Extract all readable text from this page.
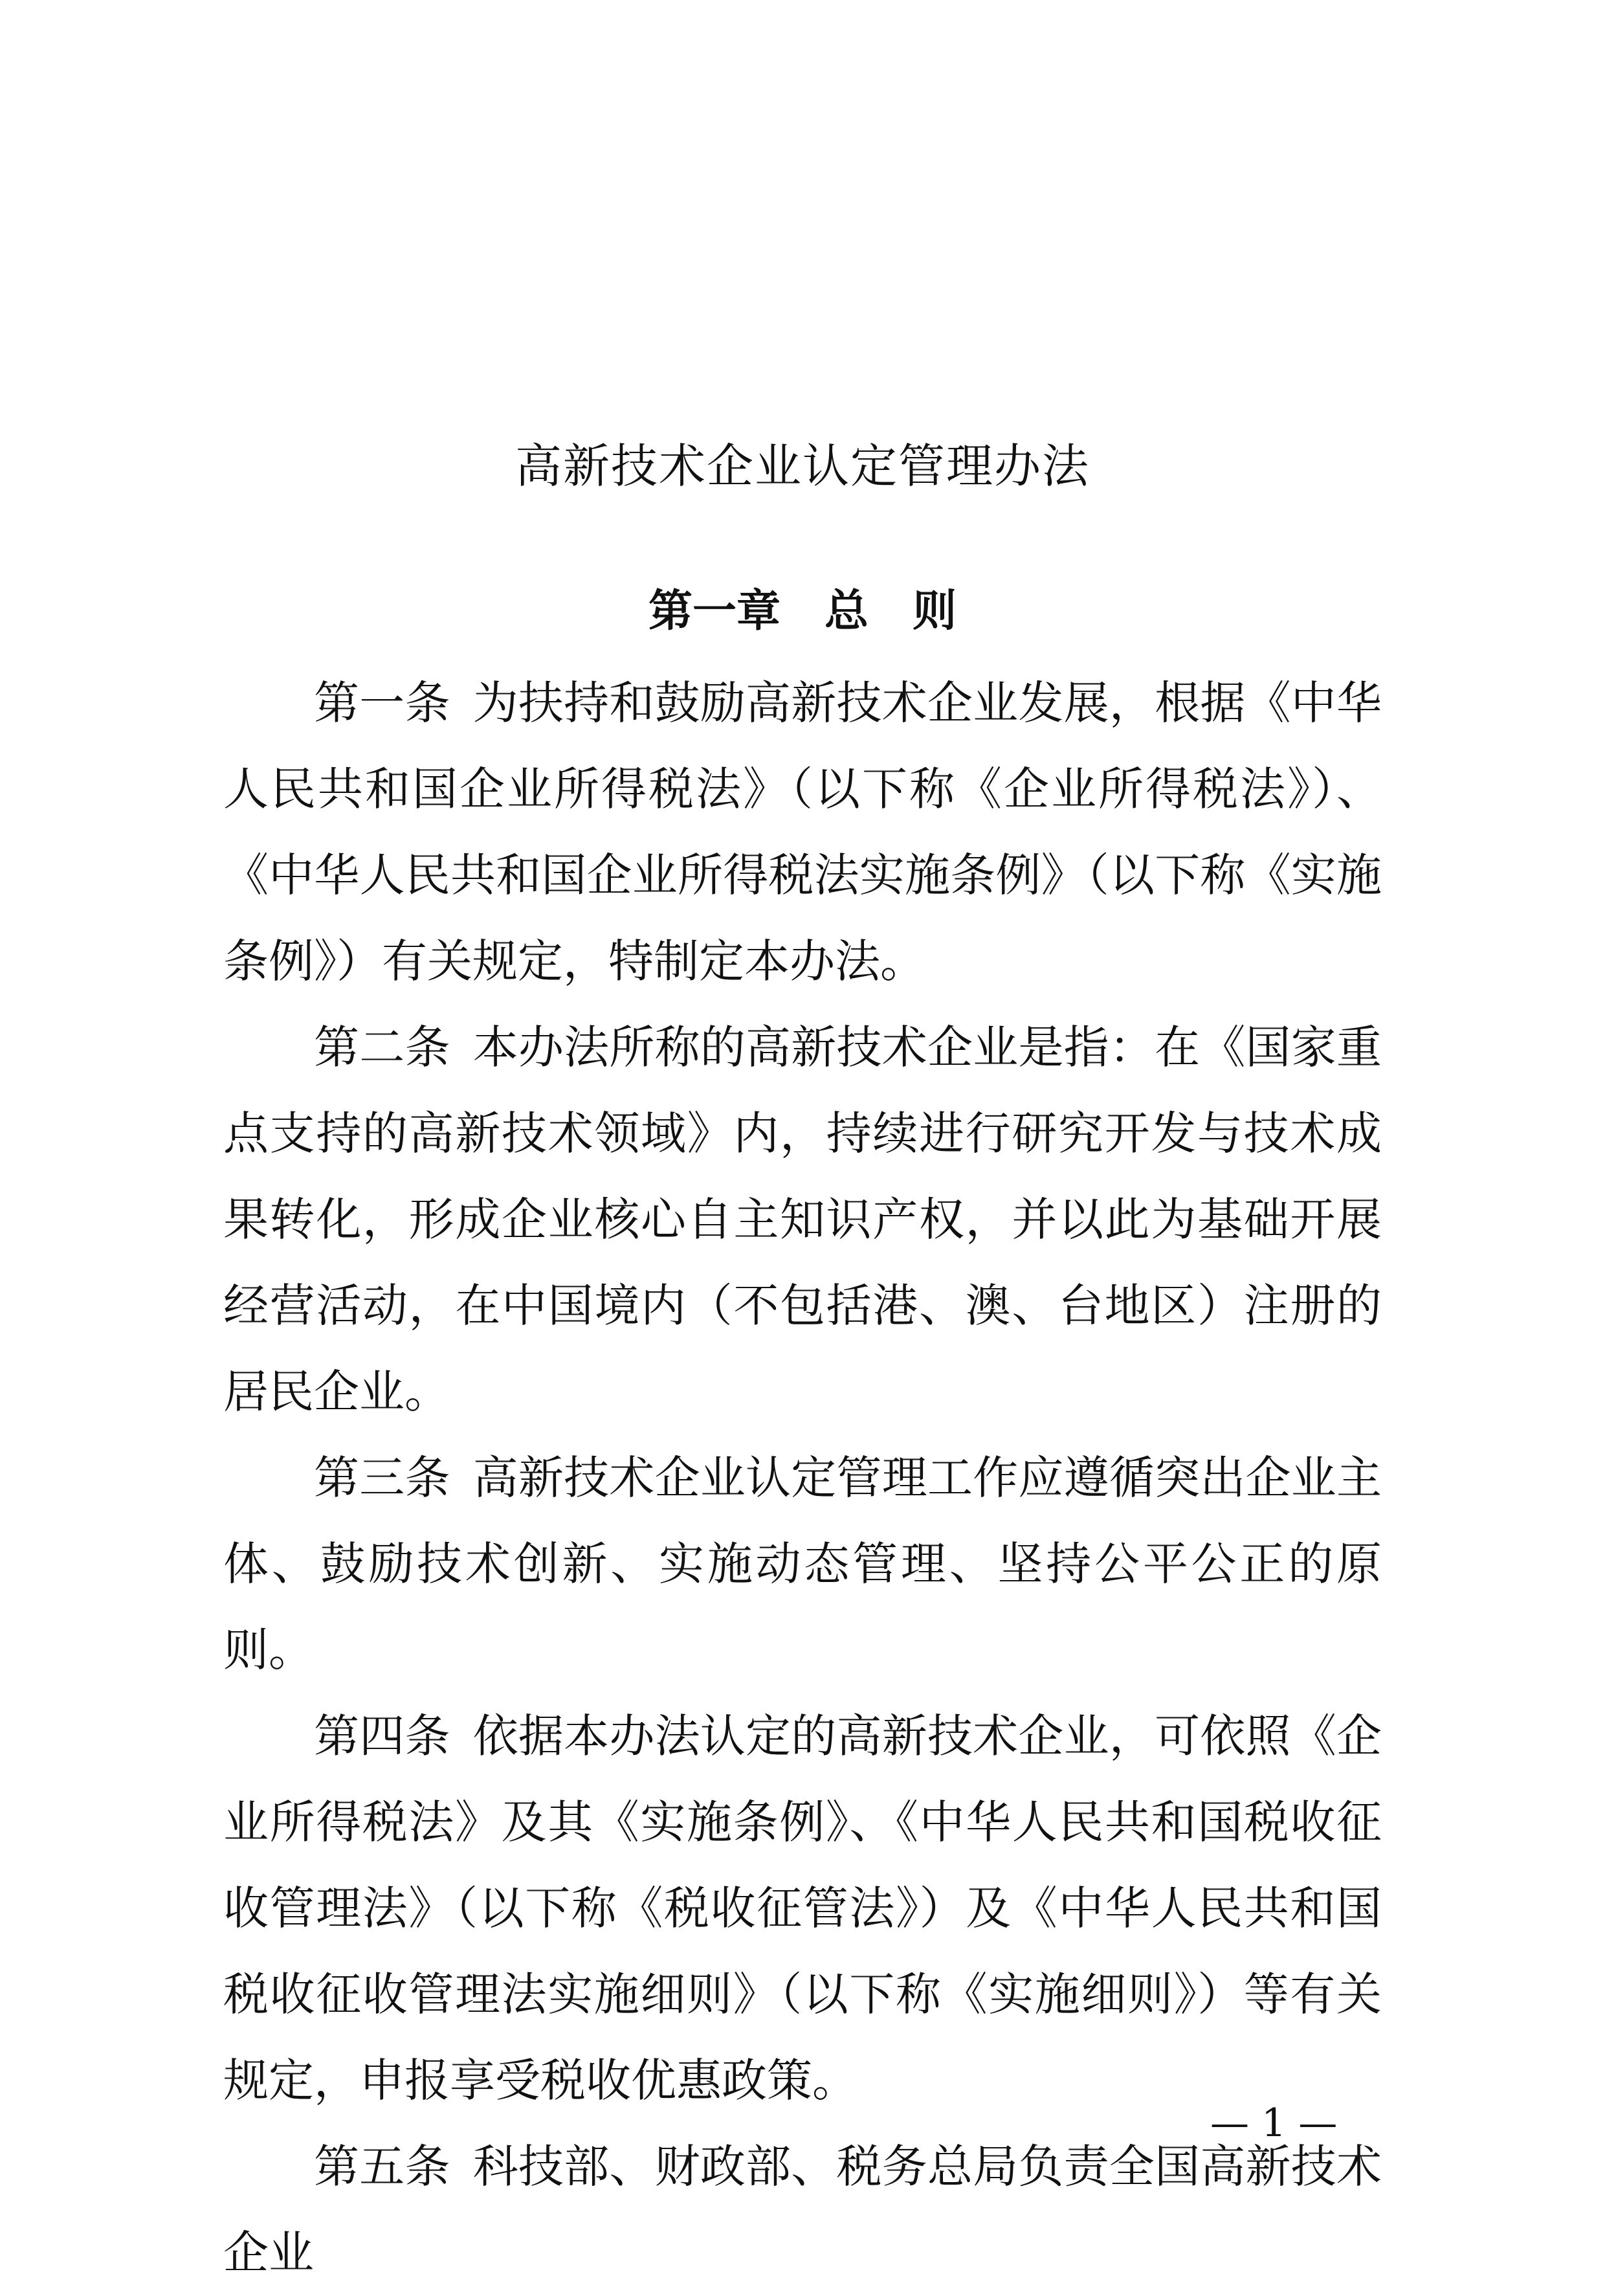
高新技术企业认定管理办法
第一章　总　则

第一条 为扶持和鼓励高新技术企业发展，根据《中华人民共和国企业所得税法》（以下称《企业所得税法》）、《中华人民共和国企业所得税法实施条例》（以下称《实施条例》）有关规定，特制定本办法。

第二条 本办法所称的高新技术企业是指：在《国家重点支持的高新技术领域》内，持续进行研究开发与技术成果转化，形成企业核心自主知识产权，并以此为基础开展经营活动，在中国境内（不包括港、澳、台地区）注册的居民企业。

第三条 高新技术企业认定管理工作应遵循突出企业主体、鼓励技术创新、实施动态管理、坚持公平公正的原则。

第四条 依据本办法认定的高新技术企业，可依照《企业所得税法》及其《实施条例》、《中华人民共和国税收征收管理法》（以下称《税收征管法》）及《中华人民共和国税收征收管理法实施细则》（以下称《实施细则》）等有关规定，申报享受税收优惠政策。

第五条 科技部、财政部、税务总局负责全国高新技术企业

— 1 —
